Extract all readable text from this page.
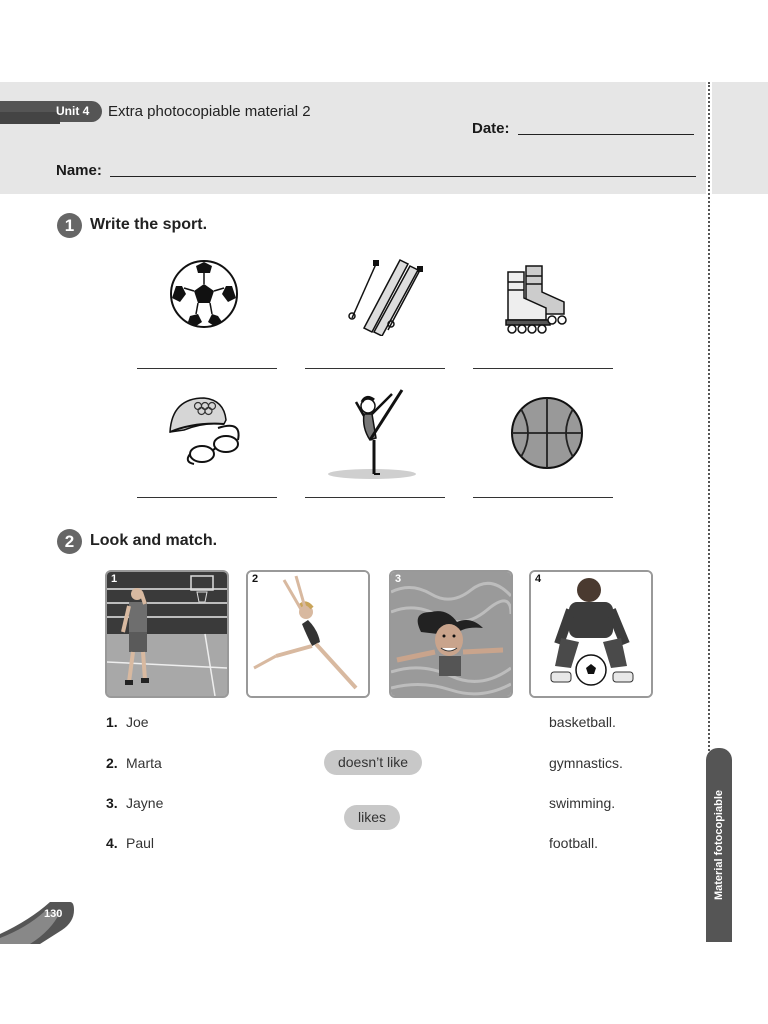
Unit 4 Extra photocopiable material 2
Date:
Name:
1 Write the sport.
2 Look and match.
1	2	3	4
1. Joe	basketball.
2. Marta	gymnastics.
3. Jayne	swimming.
4. Paul	football.
doesn’t like
likes	Material fotocopiable
130
